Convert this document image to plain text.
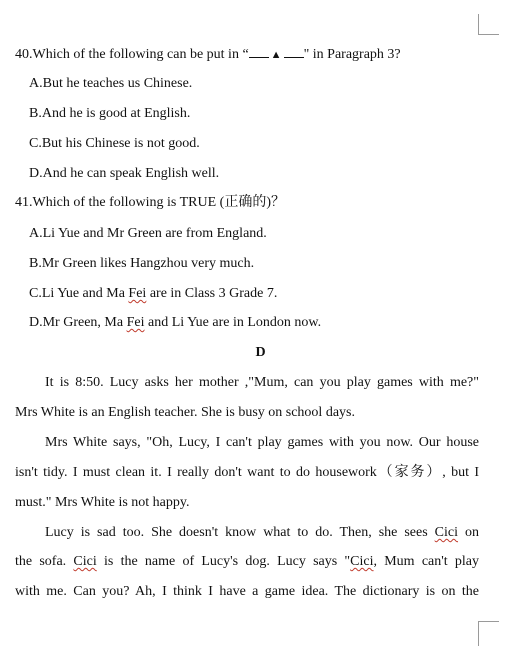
40.Which of the following can be put in “ ▲ " in Paragraph 3?
A.But he teaches us Chinese.
B.And he is good at English.
C.But his Chinese is not good.
D.And he can speak English well.
41.Which of the following is TRUE (正确的)？
A.Li Yue and Mr Green are from England.
B.Mr Green likes Hangzhou very much.
C.Li Yue and Ma Fei are in Class 3 Grade 7.
D.Mr Green, Ma Fei and Li Yue are in London now.
D
It is 8:50. Lucy asks her mother ,"Mum, can you play games with me?"
Mrs White is an English teacher. She is busy on school days.
Mrs White says, "Oh, Lucy, I can't play games with you now. Our house
isn't tidy. I must clean it. I really don't want to do housework（家务）, but I
must." Mrs White is not happy.
Lucy is sad too. She doesn't know what to do. Then, she sees Cici on
the sofa. Cici is the name of Lucy's dog. Lucy says "Cici, Mum can't play
with me. Can you? Ah, I think I have a game idea. The dictionary is on the
